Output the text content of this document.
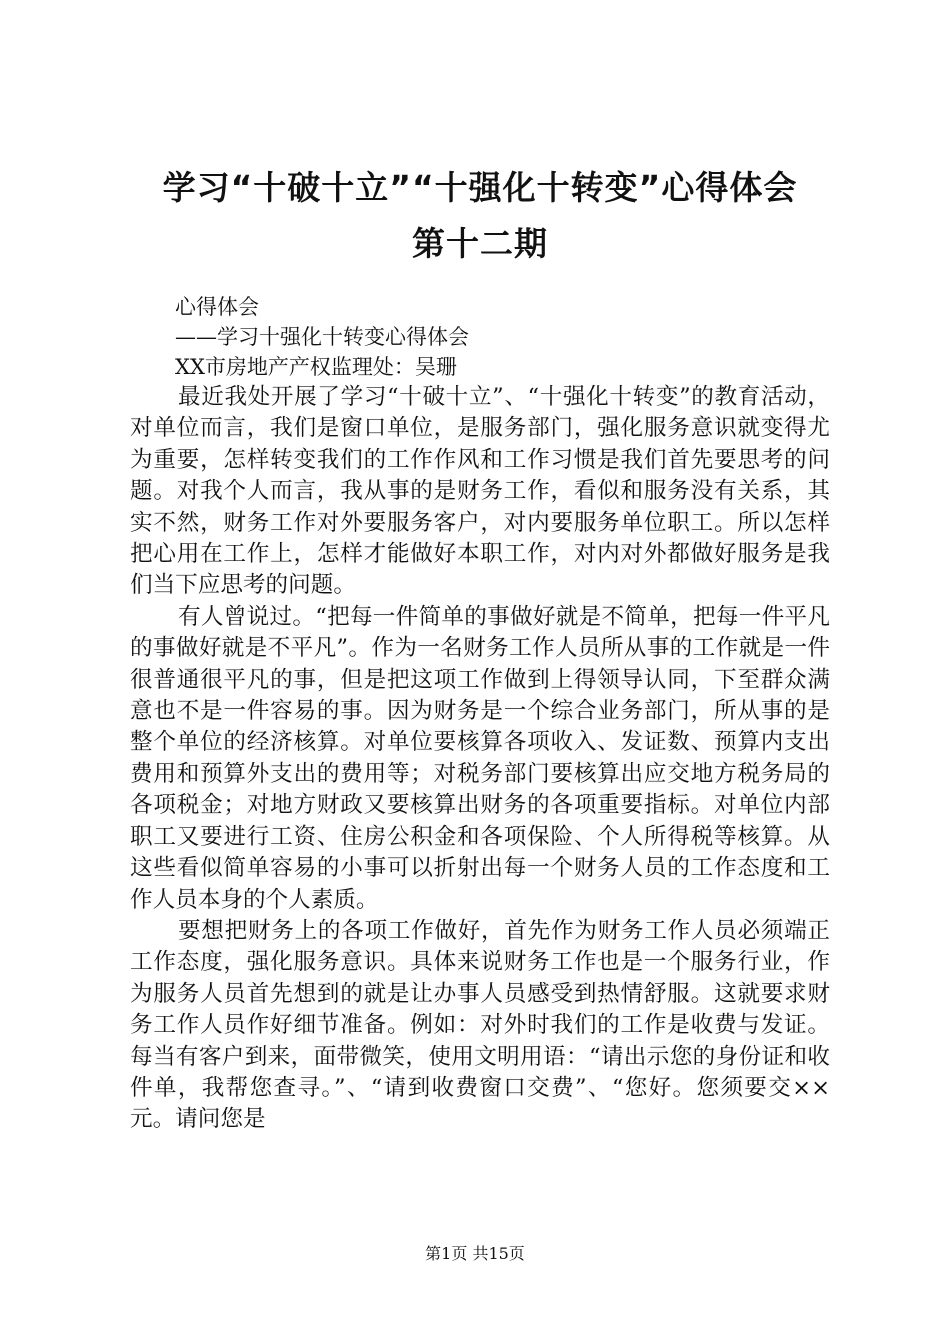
学习“十破十立”“十强化十转变”心得体会
第十二期

心得体会

——学习十强化十转变心得体会

XX市房地产产权监理处：吴珊

最近我处开展了学习“十破十立”、“十强化十转变”的教育活动，对单位而言，我们是窗口单位，是服务部门，强化服务意识就变得尤为重要，怎样转变我们的工作作风和工作习惯是我们首先要思考的问题。对我个人而言，我从事的是财务工作，看似和服务没有关系，其实不然，财务工作对外要服务客户，对内要服务单位职工。所以怎样把心用在工作上，怎样才能做好本职工作，对内对外都做好服务是我们当下应思考的问题。

有人曾说过。“把每一件简单的事做好就是不简单，把每一件平凡的事做好就是不平凡”。作为一名财务工作人员所从事的工作就是一件很普通很平凡的事，但是把这项工作做到上得领导认同，下至群众满意也不是一件容易的事。因为财务是一个综合业务部门，所从事的是整个单位的经济核算。对单位要核算各项收入、发证数、预算内支出费用和预算外支出的费用等；对税务部门要核算出应交地方税务局的各项税金；对地方财政又要核算出财务的各项重要指标。对单位内部职工又要进行工资、住房公积金和各项保险、个人所得税等核算。从这些看似简单容易的小事可以折射出每一个财务人员的工作态度和工作人员本身的个人素质。

要想把财务上的各项工作做好，首先作为财务工作人员必须端正工作态度，强化服务意识。具体来说财务工作也是一个服务行业，作为服务人员首先想到的就是让办事人员感受到热情舒服。这就要求财务工作人员作好细节准备。例如：对外时我们的工作是收费与发证。每当有客户到来，面带微笑，使用文明用语：“请出示您的身份证和收件单，我帮您查寻。”、“请到收费窗口交费”、“您好。您须要交××元。请问您是

第1页 共15页
